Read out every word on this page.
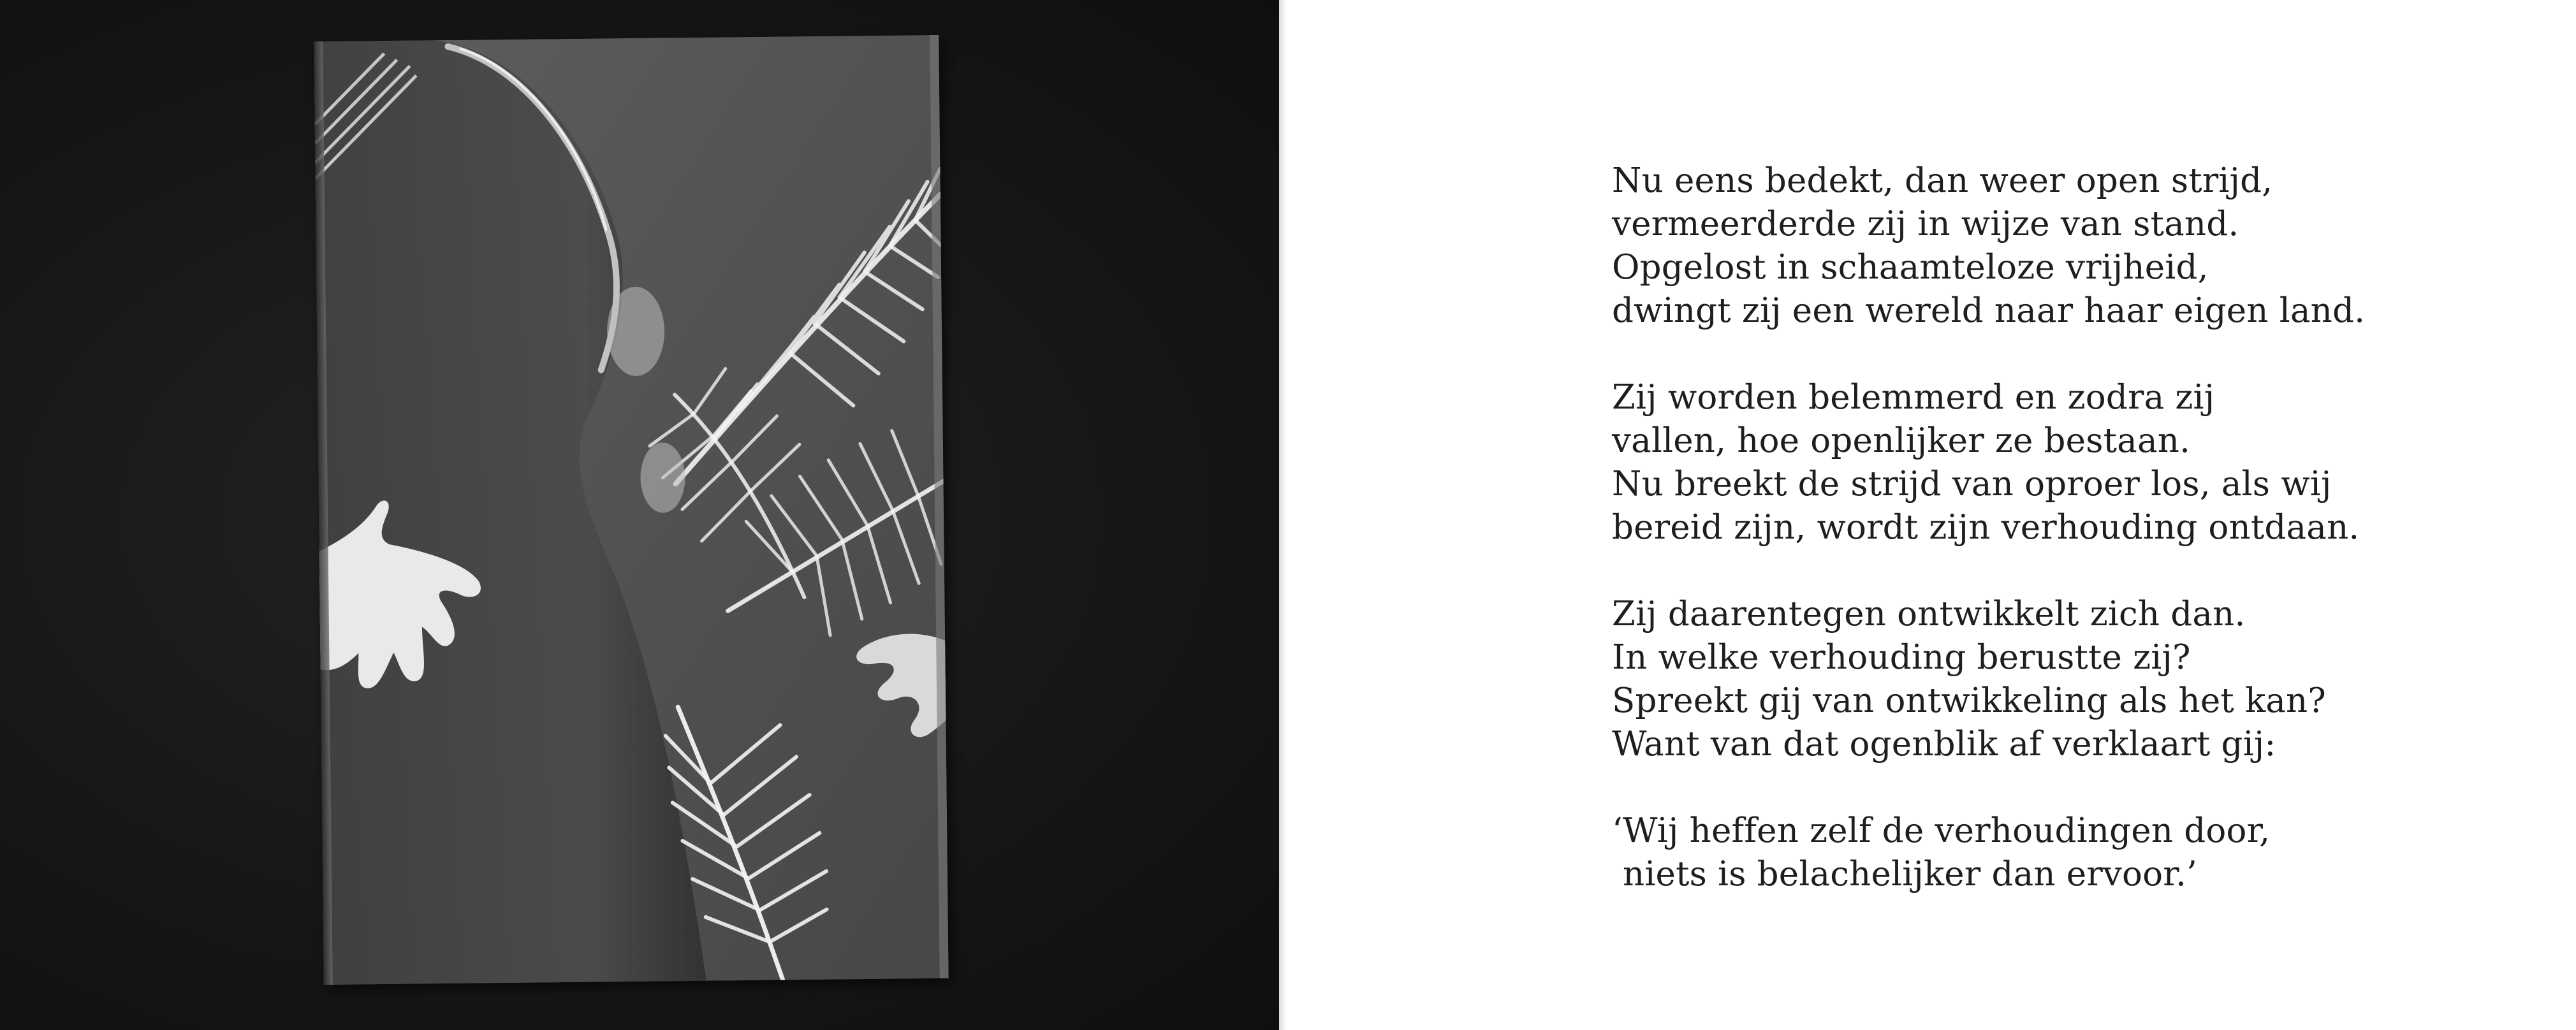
Nu eens bedekt, dan weer open strijd,
vermeerderde zij in wijze van stand.
Opgelost in schaamteloze vrijheid,
dwingt zij een wereld naar haar eigen land.
Zij worden belemmerd en zodra zij
vallen, hoe openlijker ze bestaan.
Nu breekt de strijd van oproer los, als wij
bereid zijn, wordt zijn verhouding ontdaan.
Zij daarentegen ontwikkelt zich dan.
In welke verhouding berustte zij?
Spreekt gij van ontwikkeling als het kan?
Want van dat ogenblik af verklaart gij:
‘Wij heffen zelf de verhoudingen door,
niets is belachelijker dan ervoor.’
